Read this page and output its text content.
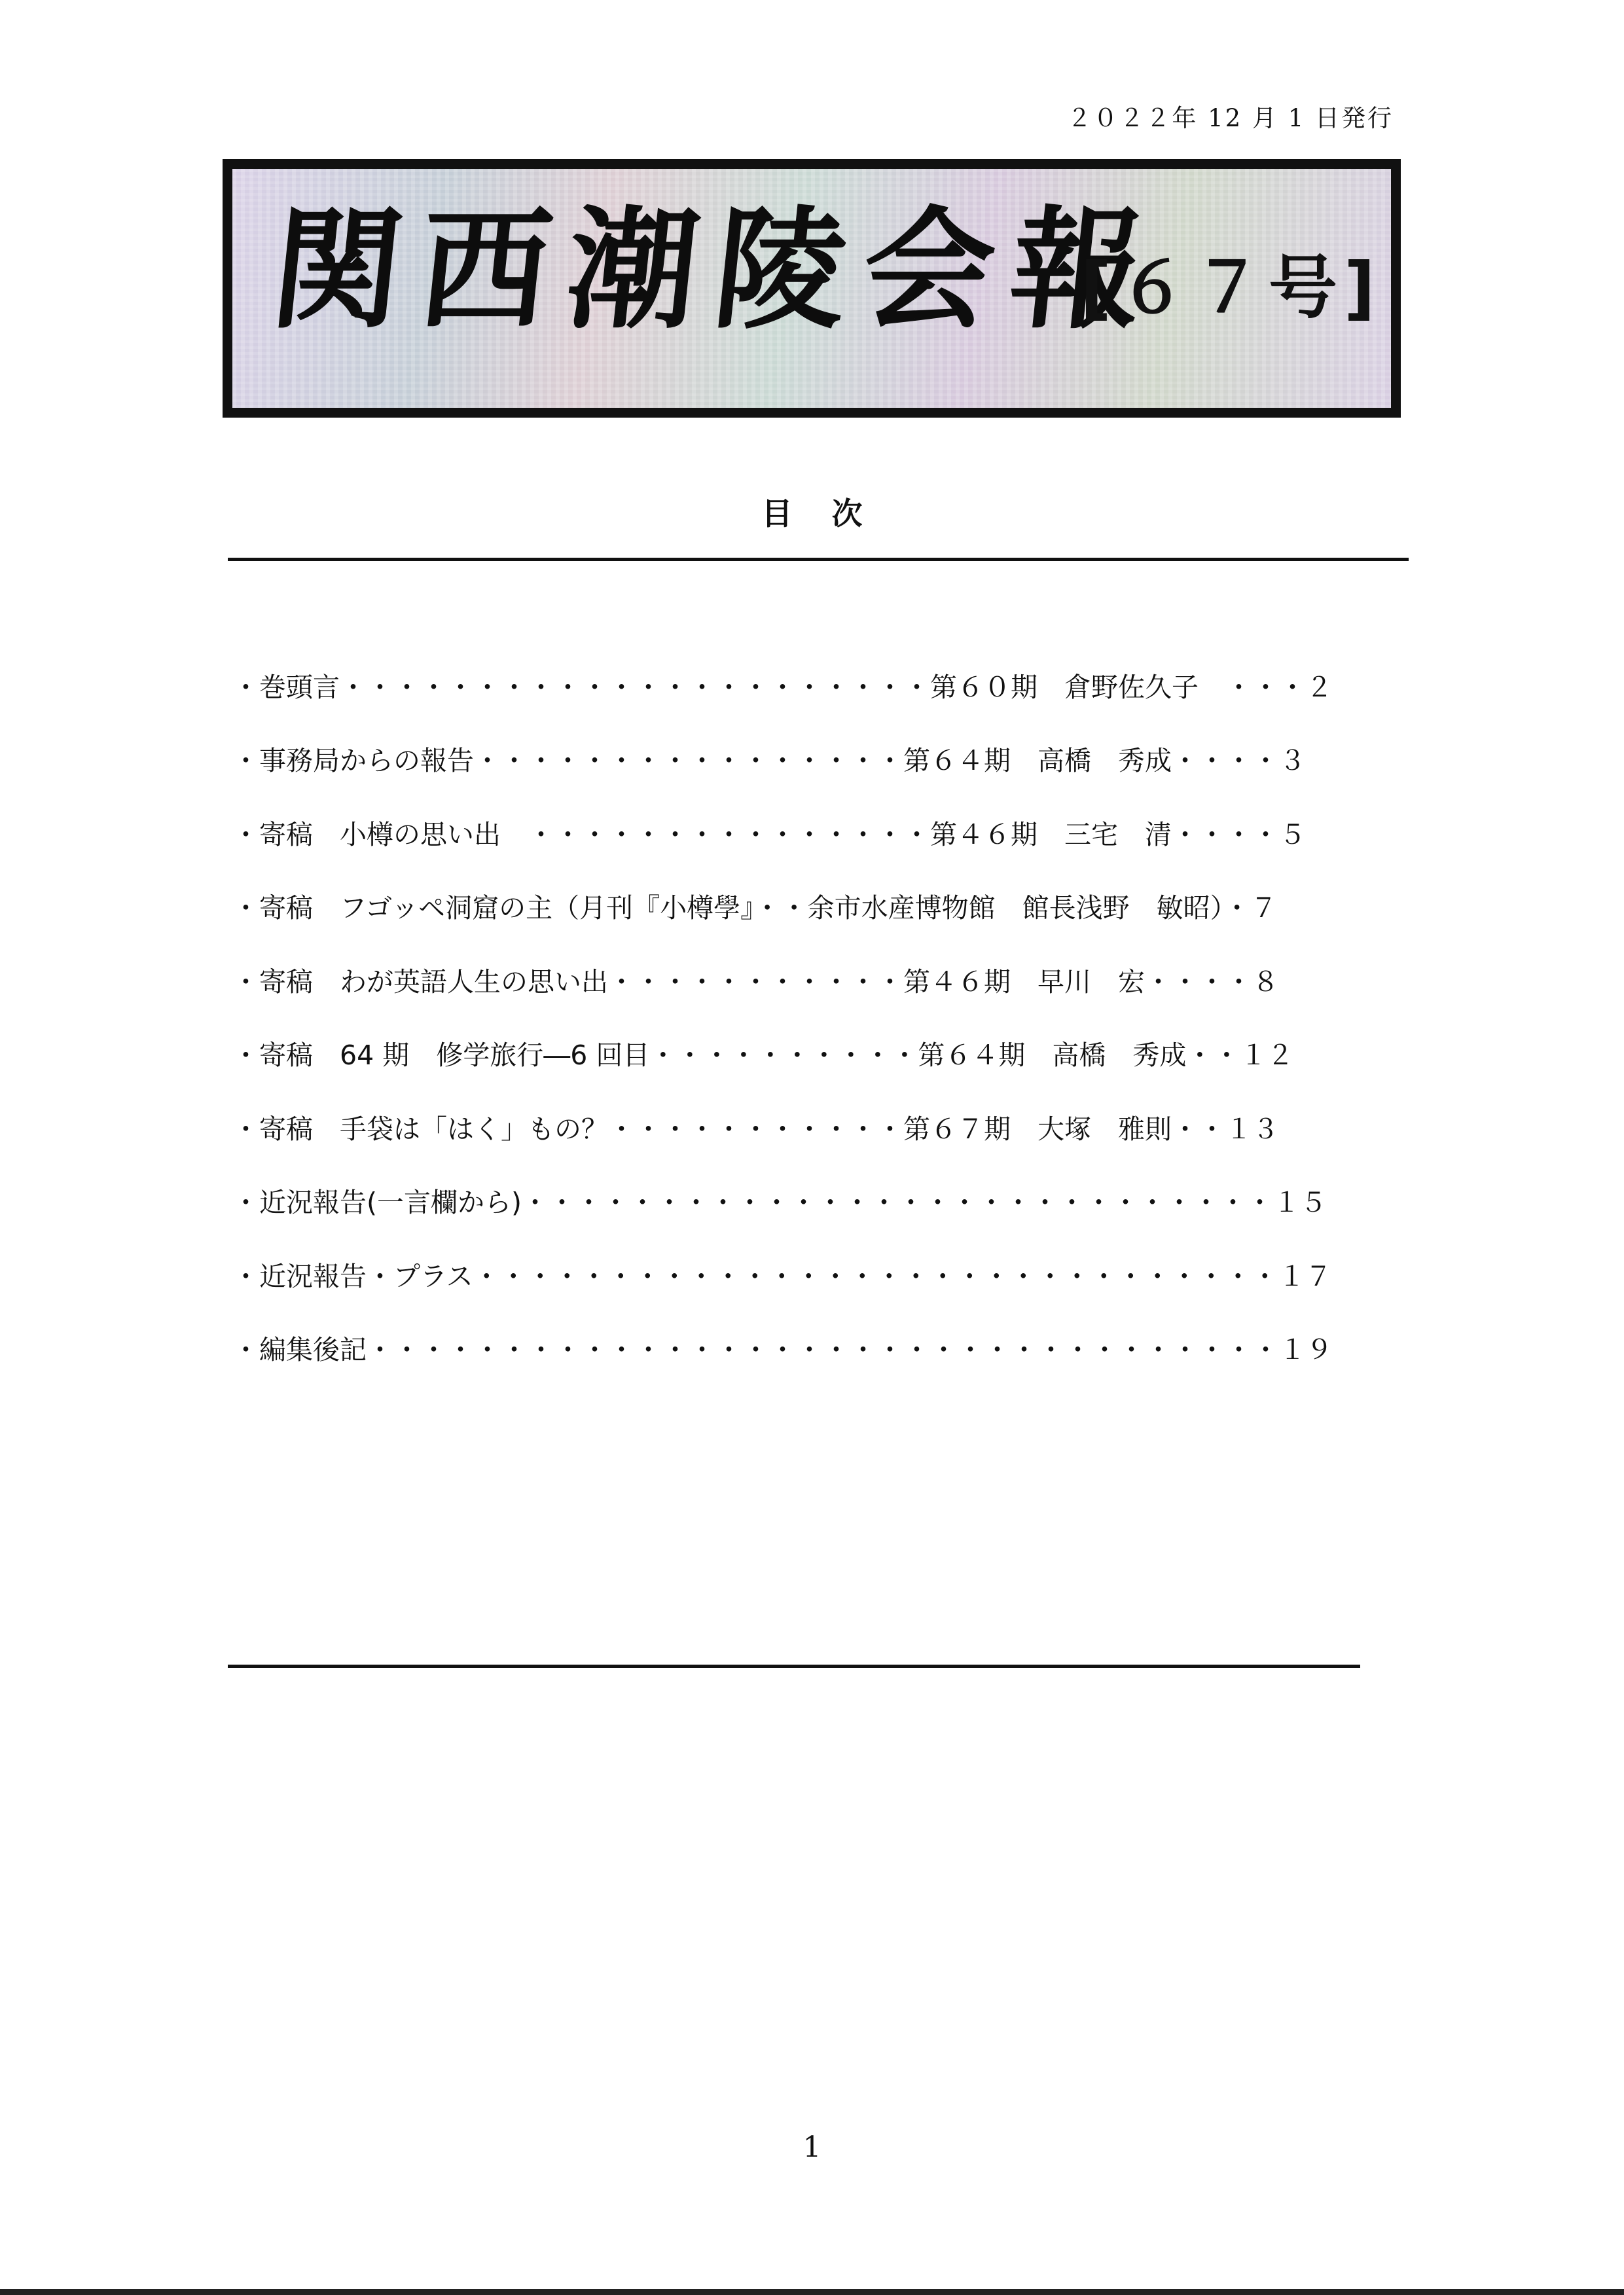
２０２２年 12 月 1 日発行
関西潮陵会報
[６７号]
目次
・巻頭言・・・・・・・・・・・・・・・・・・・・・・第６０期　倉野佐久子　・・・２
・事務局からの報告・・・・・・・・・・・・・・・・第６４期　高橋　秀成・・・・３
・寄稿　小樽の思い出　・・・・・・・・・・・・・・・第４６期　三宅　清・・・・５
・寄稿　フゴッペ洞窟の主（月刊『小樽學』・・余市水産博物館　館長浅野　敏昭）・７
・寄稿　わが英語人生の思い出・・・・・・・・・・・第４６期　早川　宏・・・・８
・寄稿　64 期　修学旅行―6 回目・・・・・・・・・・第６４期　高橋　秀成・・１２
・寄稿　手袋は「はく」もの？・・・・・・・・・・・第６７期　大塚　雅則・・１３
・近況報告(一言欄から)・・・・・・・・・・・・・・・・・・・・・・・・・・・・１５
・近況報告・プラス・・・・・・・・・・・・・・・・・・・・・・・・・・・・・・１７
・編集後記・・・・・・・・・・・・・・・・・・・・・・・・・・・・・・・・・・１９
1
